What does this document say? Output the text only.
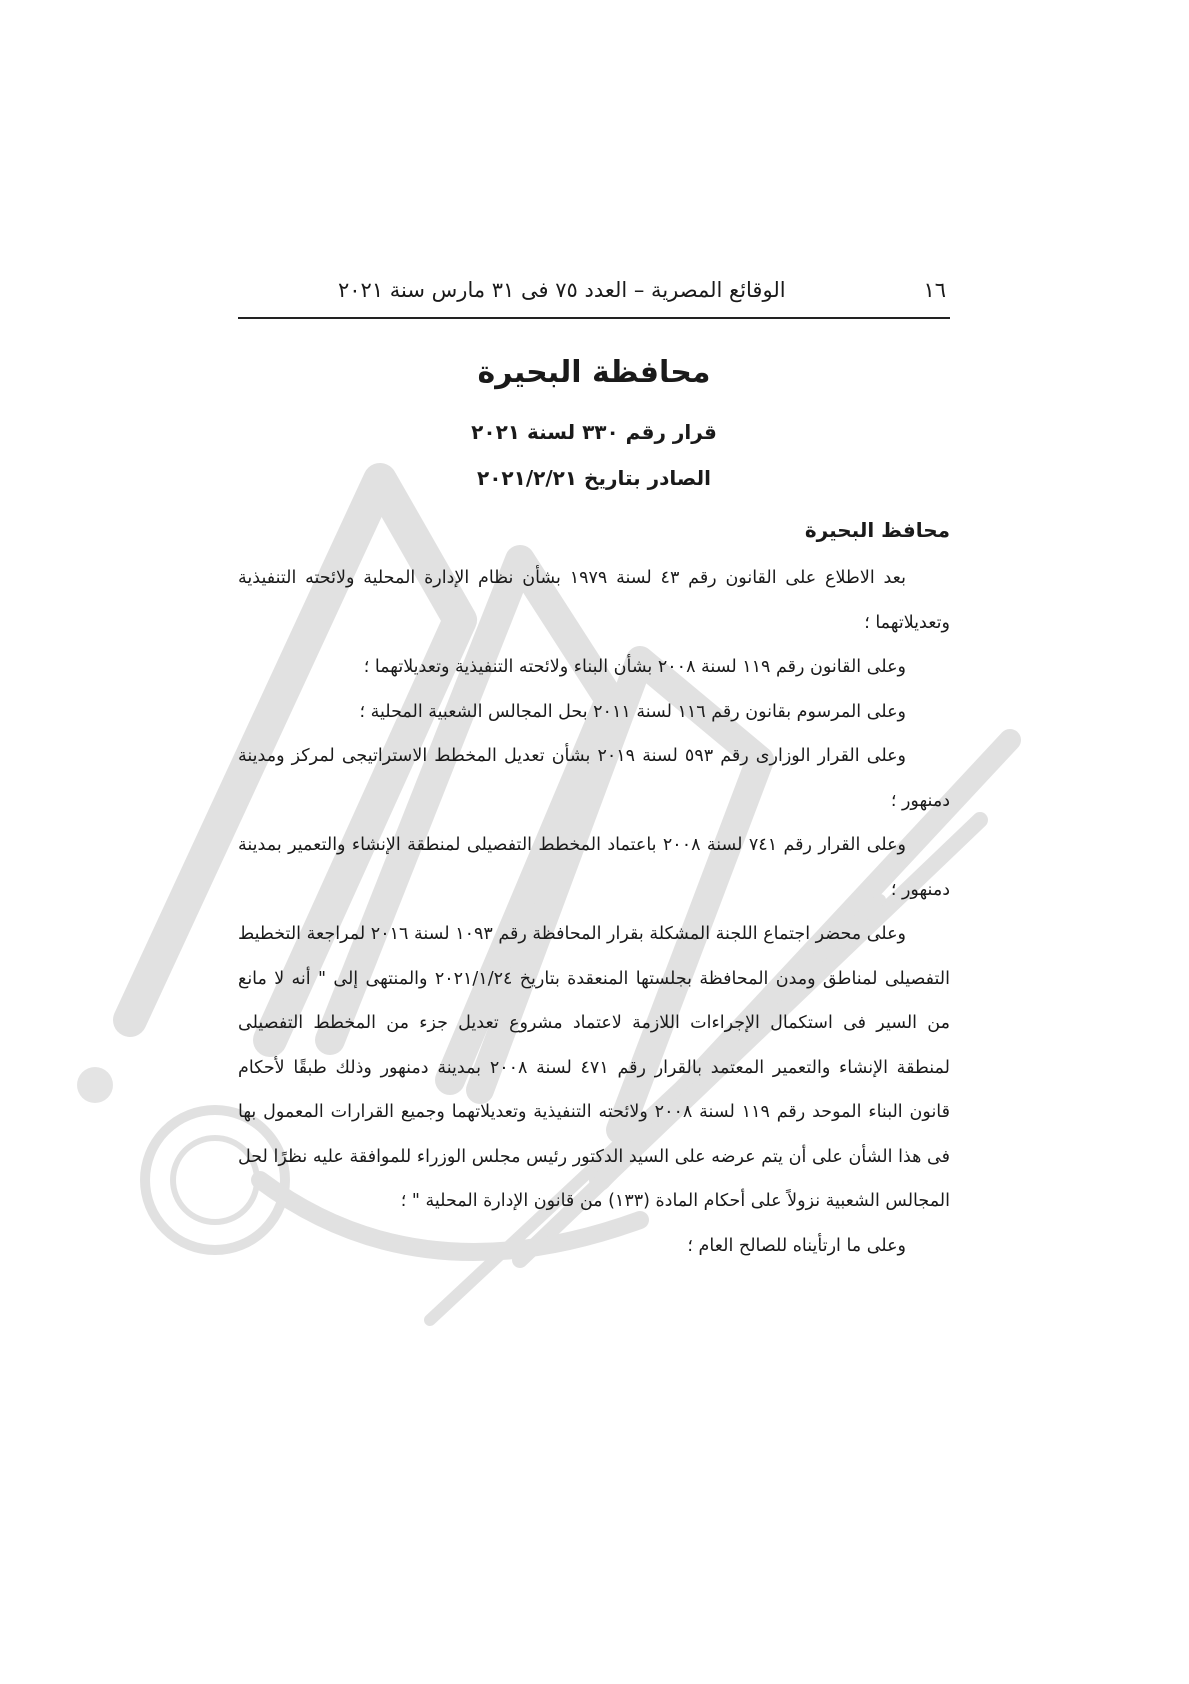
١٦
الوقائع المصرية – العدد ٧٥ فى ٣١ مارس سنة ٢٠٢١
محافظة البحيرة
قرار رقم ٣٣٠ لسنة ٢٠٢١
الصادر بتاريخ ٢٠٢١/٢/٢١
محافظ البحيرة

بعد الاطلاع على القانون رقم ٤٣ لسنة ١٩٧٩ بشأن نظام الإدارة المحلية ولائحته التنفيذية وتعديلاتهما ؛

وعلى القانون رقم ١١٩ لسنة ٢٠٠٨ بشأن البناء ولائحته التنفيذية وتعديلاتهما ؛

وعلى المرسوم بقانون رقم ١١٦ لسنة ٢٠١١ بحل المجالس الشعبية المحلية ؛

وعلى القرار الوزارى رقم ٥٩٣ لسنة ٢٠١٩ بشأن تعديل المخطط الاستراتيجى لمركز ومدينة دمنهور ؛

وعلى القرار رقم ٧٤١ لسنة ٢٠٠٨ باعتماد المخطط التفصيلى لمنطقة الإنشاء والتعمير بمدينة دمنهور ؛

وعلى محضر اجتماع اللجنة المشكلة بقرار المحافظة رقم ١٠٩٣ لسنة ٢٠١٦ لمراجعة التخطيط التفصيلى لمناطق ومدن المحافظة بجلستها المنعقدة بتاريخ ٢٠٢١/١/٢٤ والمنتهى إلى " أنه لا مانع من السير فى استكمال الإجراءات اللازمة لاعتماد مشروع تعديل جزء من المخطط التفصيلى لمنطقة الإنشاء والتعمير المعتمد بالقرار رقم ٤٧١ لسنة ٢٠٠٨ بمدينة دمنهور وذلك طبقًا لأحكام قانون البناء الموحد رقم ١١٩ لسنة ٢٠٠٨ ولائحته التنفيذية وتعديلاتهما وجميع القرارات المعمول بها فى هذا الشأن على أن يتم عرضه على السيد الدكتور رئيس مجلس الوزراء للموافقة عليه نظرًا لحل المجالس الشعبية نزولاً على أحكام المادة (١٣٣) من قانون الإدارة المحلية " ؛

وعلى ما ارتأيناه للصالح العام ؛
